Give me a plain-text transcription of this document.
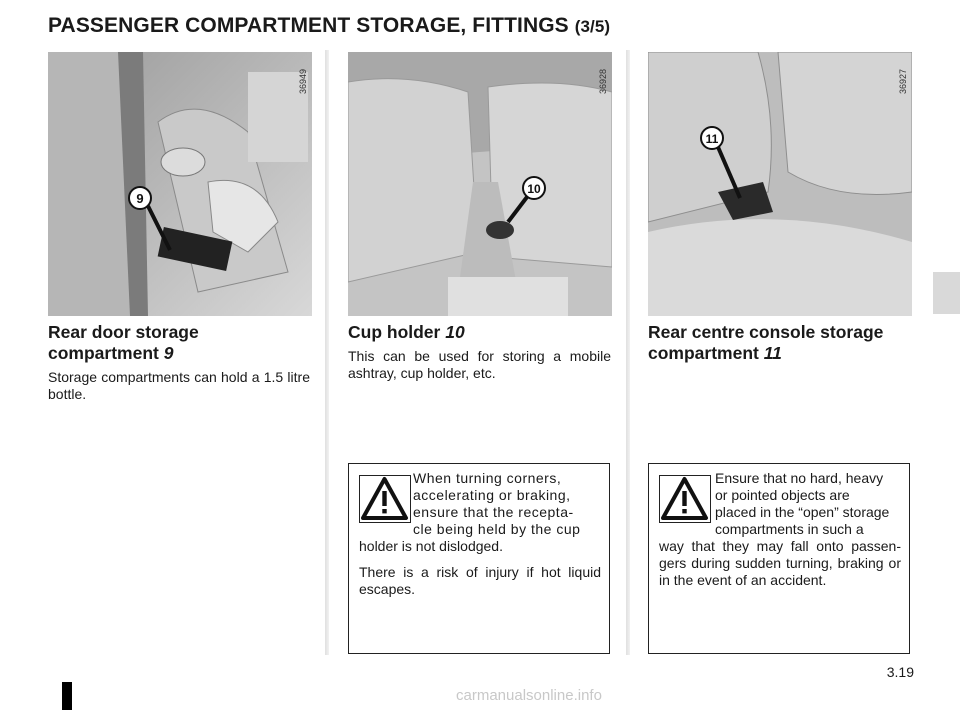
PASSENGER COMPARTMENT STORAGE, FITTINGS (3/5)
9
36949
10
36928
11
36927
Rear door storage compartment 9
Storage compartments can hold a 1.5 litre bottle.
Cup holder 10
This can be used for storing a mobile ashtray, cup holder, etc.
Rear centre console storage compartment 11
When turning corners,
accelerating or braking,
ensure that the recepta-
cle being held by the cup
holder is not dislodged.
There is a risk of injury if hot liquid escapes.
Ensure that no hard, heavy
or pointed objects are
placed in the “open” storage
compartments in such a
way that they may fall onto passen-gers during sudden turning, braking or in the event of an accident.
3.19
carmanualsonline.info
